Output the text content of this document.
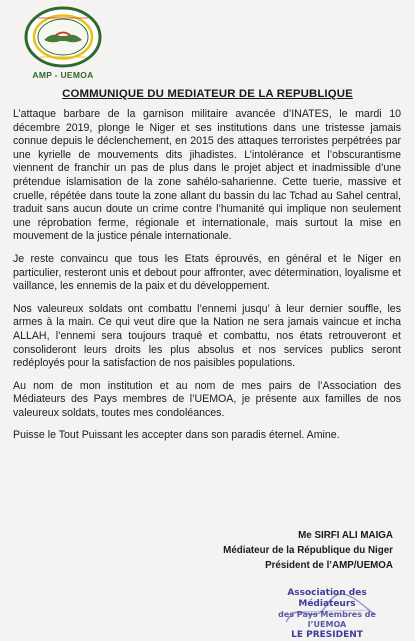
AMP - UEMOA
COMMUNIQUE DU MEDIATEUR DE LA REPUBLIQUE

L’attaque barbare de la garnison militaire avancée d’INATES, le mardi 10 décembre 2019, plonge le Niger et ses institutions dans une tristesse jamais connue depuis le déclenchement, en 2015 des attaques terroristes perpétrées par une kyrielle de mouvements dits jihadistes. L’intolérance et l’obscurantisme viennent de franchir un pas de plus dans le projet abject et inadmissible d’une prétendue islamisation de la zone sahélo-saharienne. Cette tuerie, massive et cruelle, répétée dans toute la zone allant du bassin du lac Tchad au Sahel central, traduit sans aucun doute un crime contre l’humanité qui implique non seulement une réprobation ferme, régionale et internationale, mais surtout la mise en mouvement de la justice pénale internationale.

Je reste convaincu que tous les Etats éprouvés, en général et le Niger en particulier, resteront unis et debout pour affronter, avec détermination, loyalisme et vaillance, les ennemis de la paix et du développement.

Nos valeureux soldats ont combattu l’ennemi jusqu’ à leur dernier souffle, les armes à la main. Ce qui veut dire que la Nation ne sera jamais vaincue et incha ALLAH, l’ennemi sera toujours traqué et combattu, nos états retrouveront et consolideront leurs droits les plus absolus et nos services publics seront redéployés pour la satisfaction de nos paisibles populations.

Au nom de mon institution et au nom de mes pairs de l’Association des Médiateurs des Pays membres de l’UEMOA, je présente aux familles de nos valeureux soldats, toutes mes condoléances.

Puisse le Tout Puissant les accepter dans son paradis éternel. Amine.

Me SIRFI ALI MAIGA
Médiateur de la République du Niger
Président de l’AMP/UEMOA
Association des Médiateurs
des Pays Membres de
l’UEMOA
LE PRESIDENT
